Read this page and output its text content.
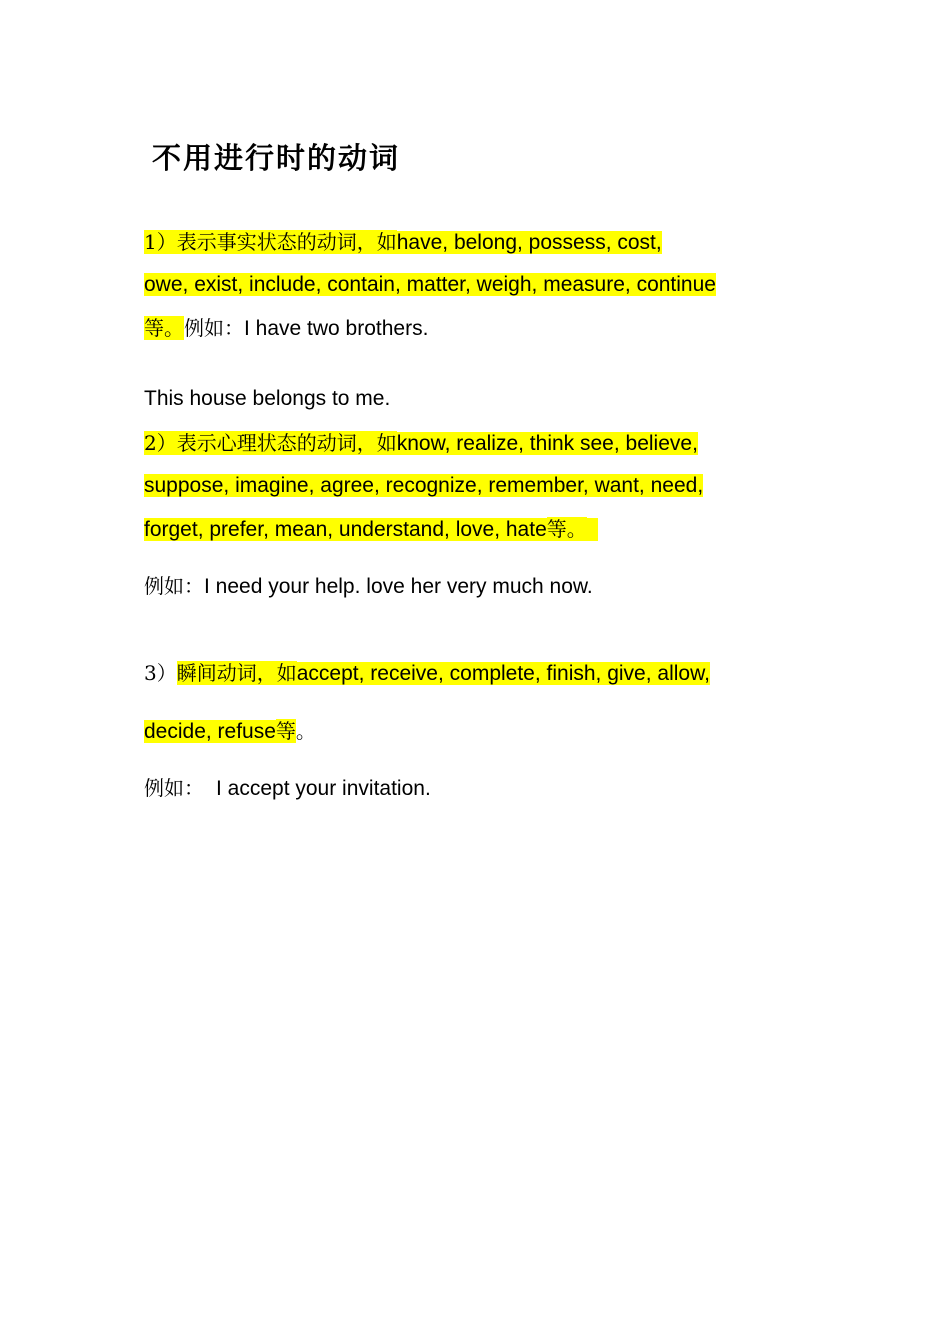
不用进行时的动词
1）表示事实状态的动词，如have, belong, possess, cost,
owe, exist, include, contain, matter, weigh, measure, continue
等。例如：I have two brothers.
This house belongs to me.
2）表示心理状态的动词，如know, realize, think see, believe,
suppose, imagine, agree, recognize, remember, want, need,
forget, prefer, mean, understand, love, hate等。
例如：I need your help. love her very much now.
3）瞬间动词，如accept, receive, complete, finish, give, allow,
decide, refuse等。
例如： I accept your invitation.
